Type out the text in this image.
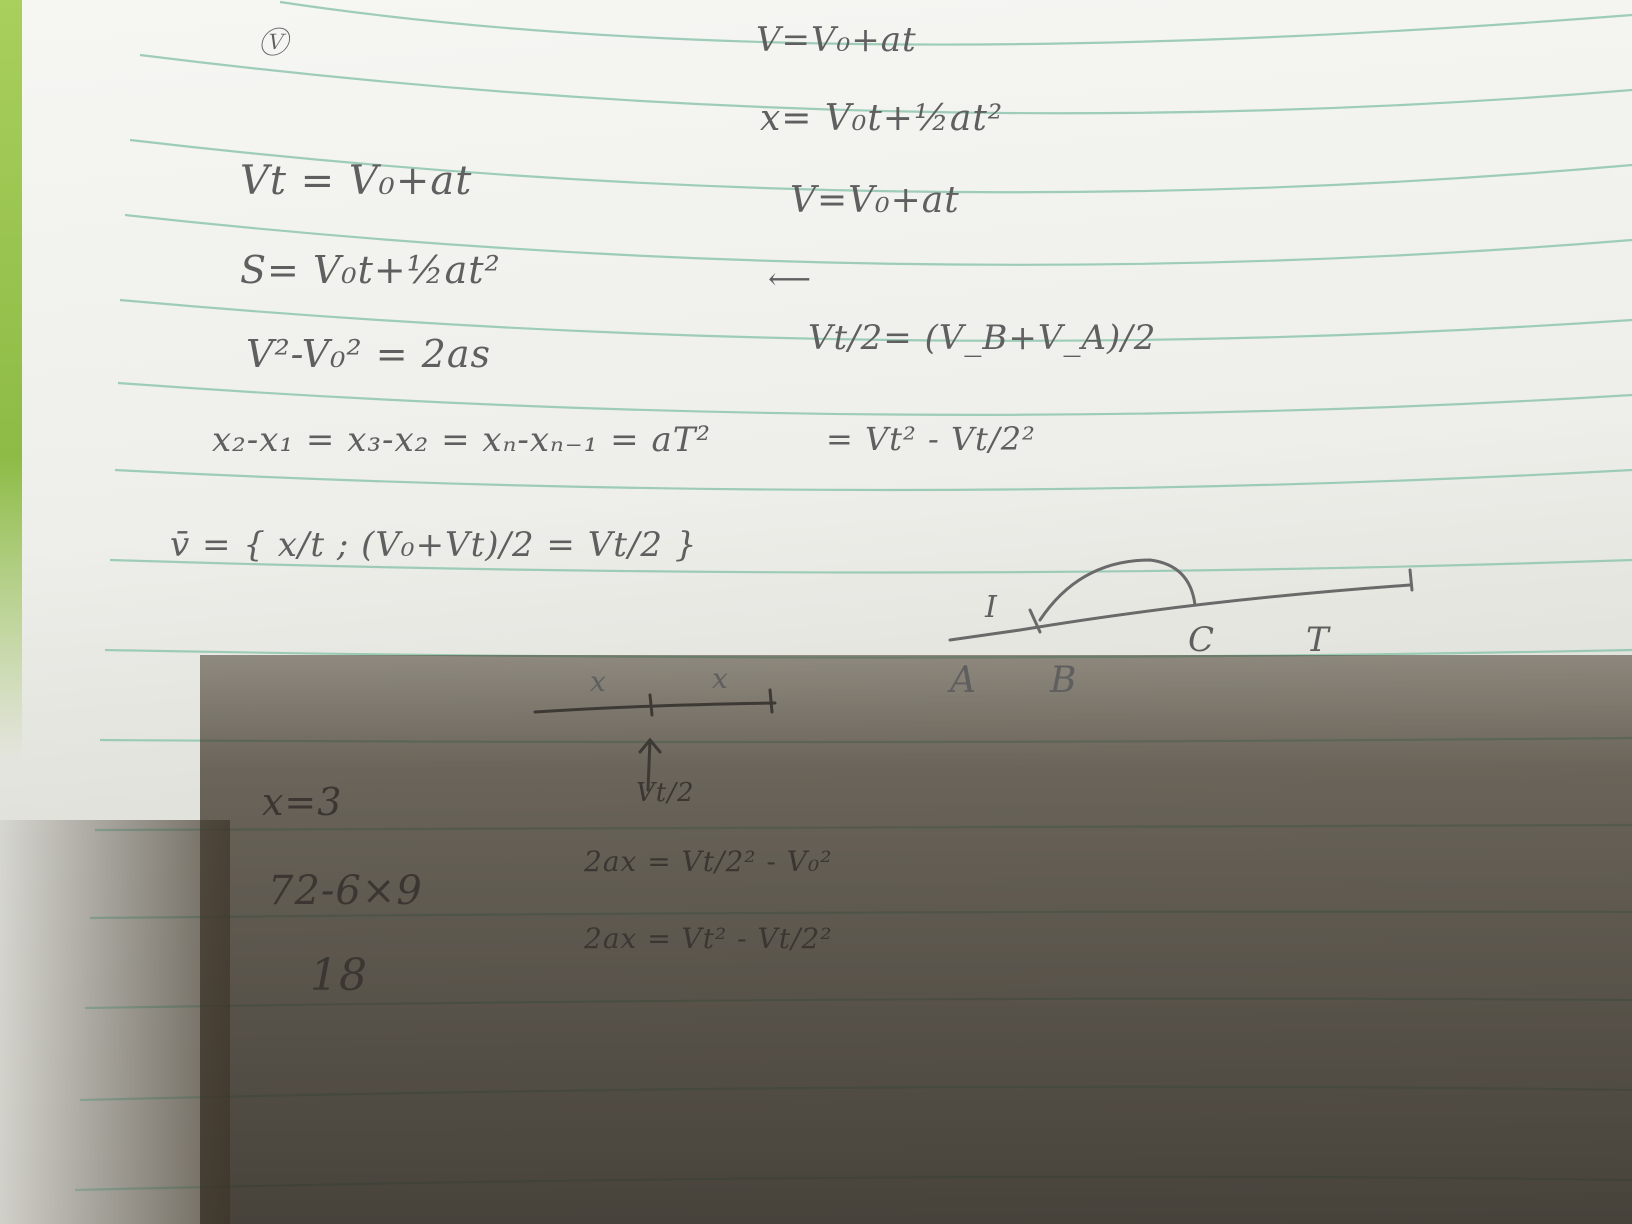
Ⓥ	V=V₀+at
x= V₀t+½at²
V=V₀+at
⟵
Vt/2= (V_B+V_A)/2
= Vt² - Vt/2²
Vt = V₀+at
S= V₀t+½at²
V²-V₀² = 2as
x₂-x₁ = x₃-x₂ = xₙ-xₙ₋₁ = aT²
v̄ = { x/t ; (V₀+Vt)/2 = Vt/2 }
x	x
Vt/2
A B
C	T
I
x=3
72-6×9
18
2ax = Vt/2² - V₀²
2ax = Vt² - Vt/2²
